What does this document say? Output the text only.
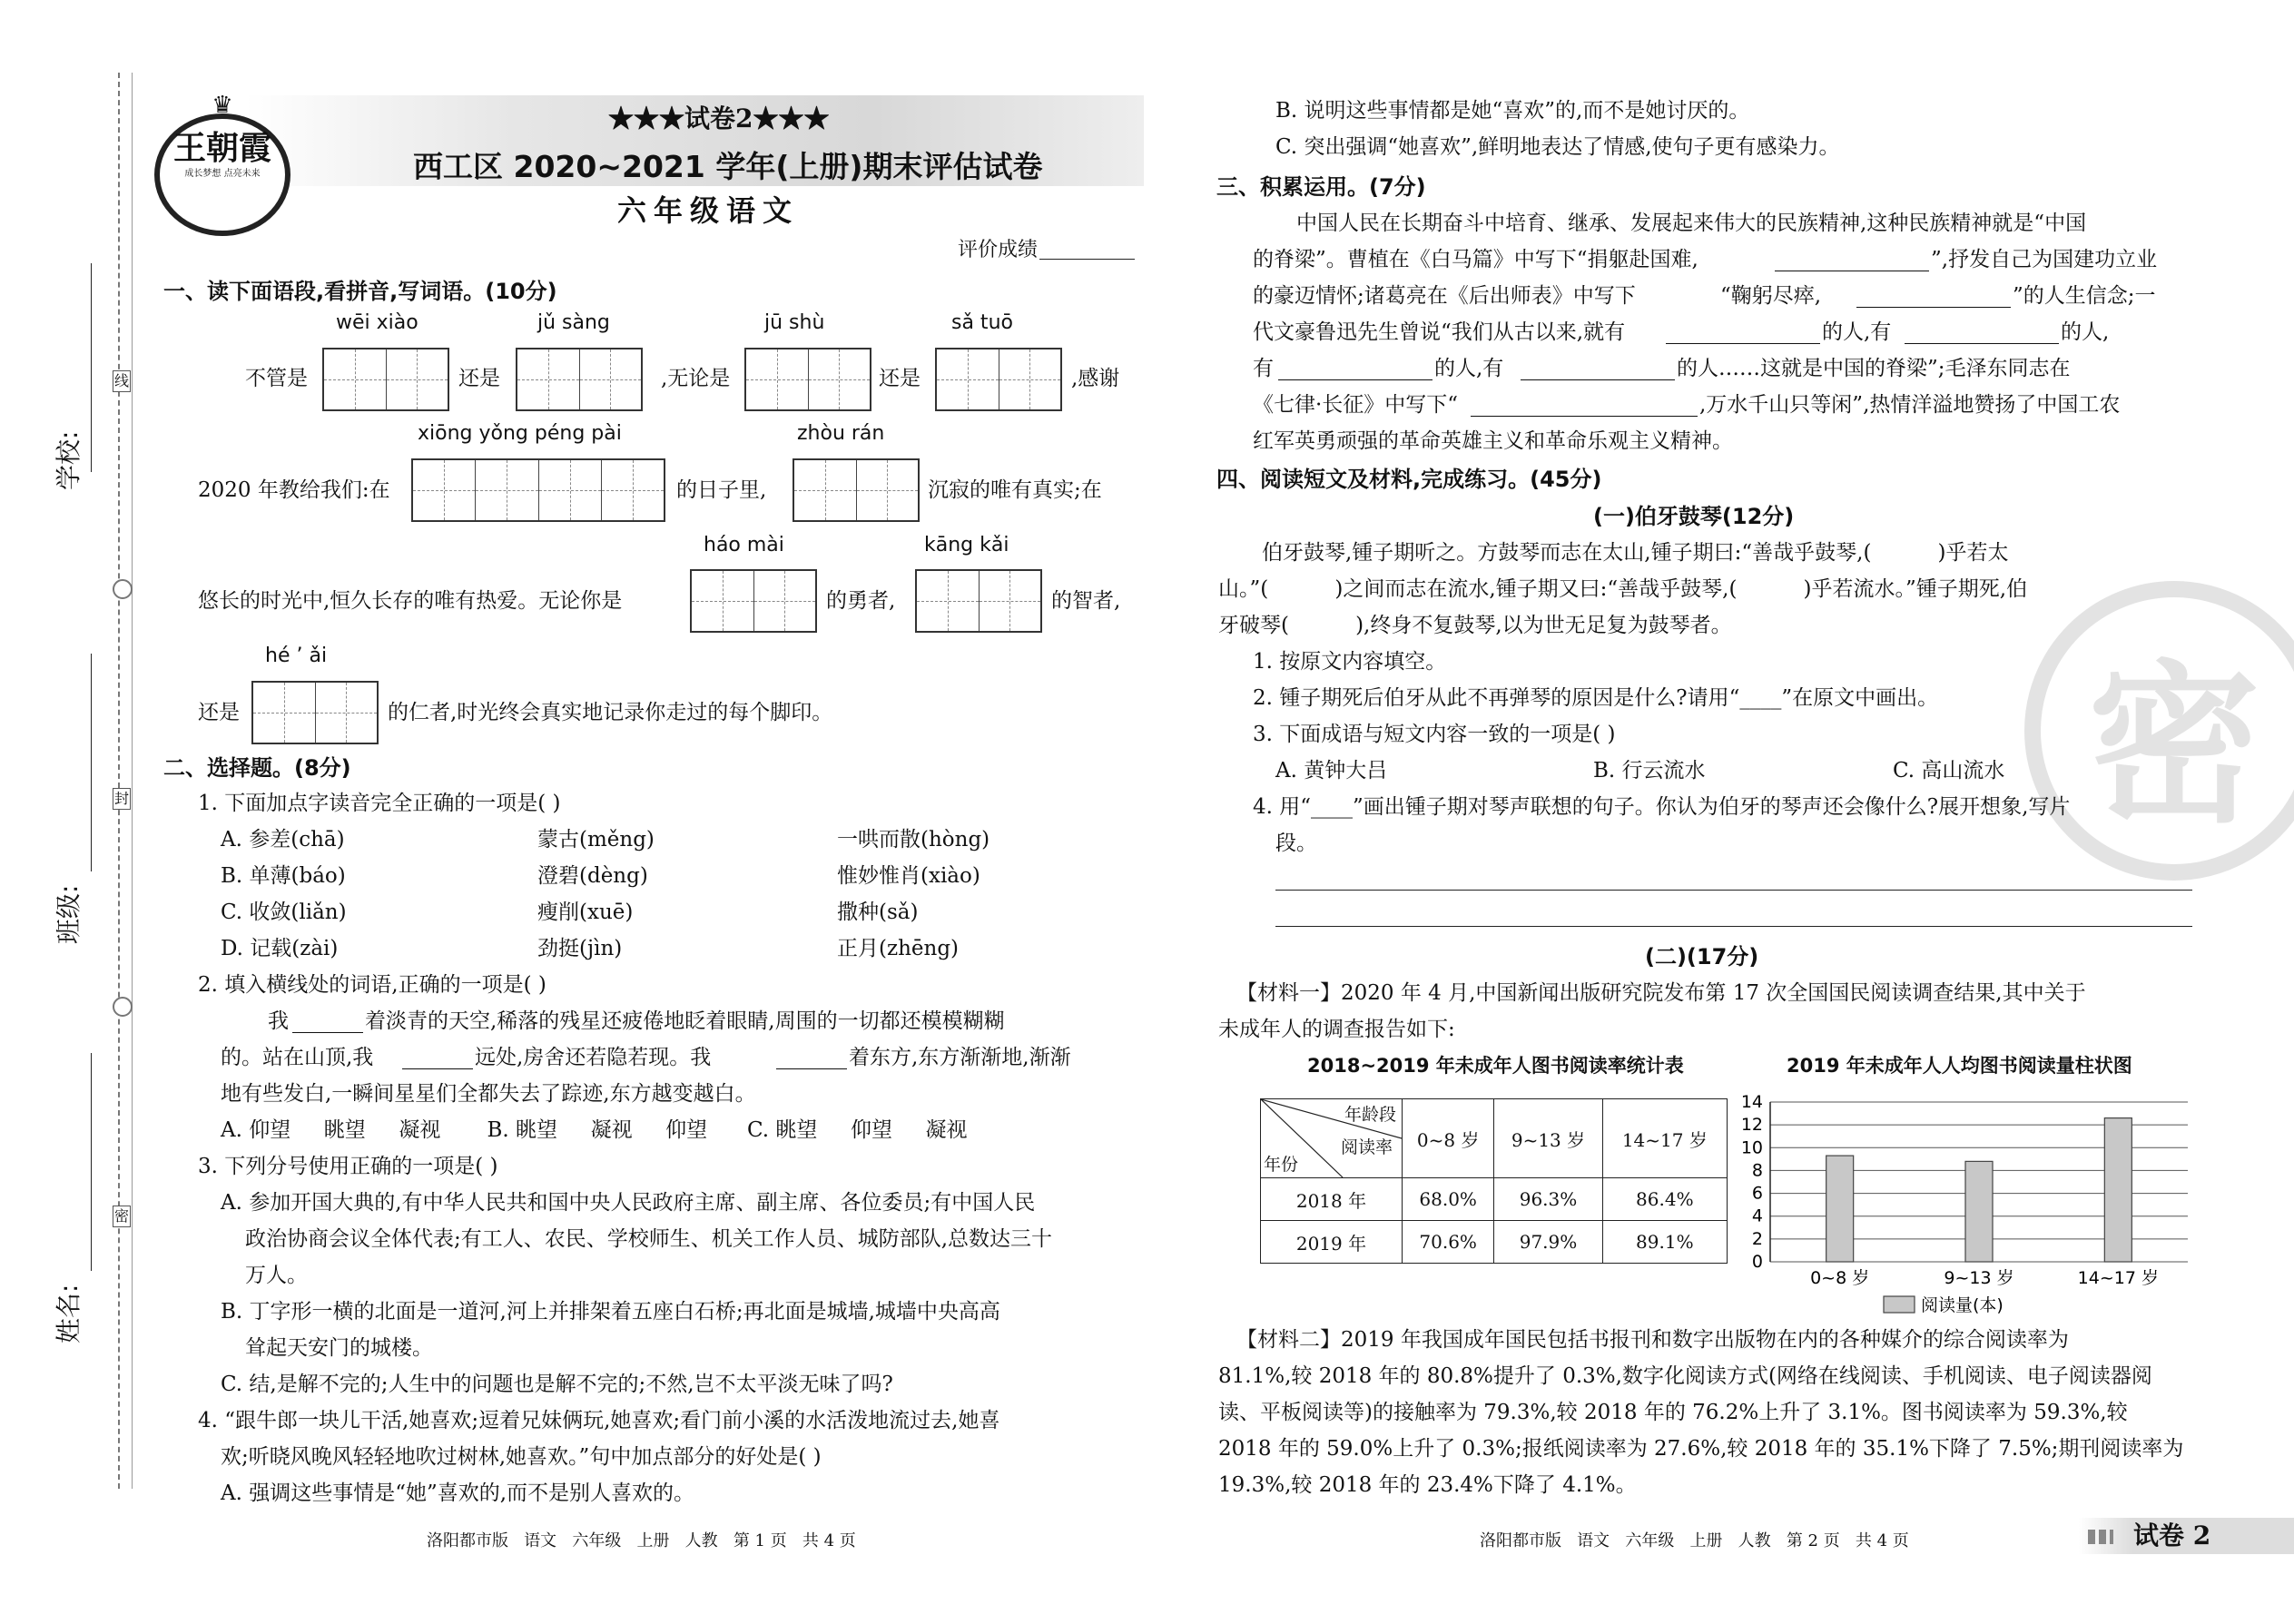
学校:
班级:
姓名:
线
封
密
♛
王朝霞
成长梦想 点亮未来
★★★试卷2★★★
西工区 2020~2021 学年(上册)期末评估试卷
六年级语文
评价成绩
一、读下面语段,看拼音,写词语。(10分)
wēi xiào	jǔ sàng	jū shù	sǎ tuō
不管是	还是	,无论是	还是	,感谢
xiōng yǒng péng pài	zhòu rán
2020 年教给我们:在	的日子里,	沉寂的唯有真实;在
háo mài	kāng kǎi
悠长的时光中,恒久长存的唯有热爱。无论你是	的勇者,	的智者,
hé ’ ǎi
还是	的仁者,时光终会真实地记录你走过的每个脚印。
二、选择题。(8分)
1. 下面加点字读音完全正确的一项是( )
A. 参差(chā)	蒙古(měng)	一哄而散(hòng)
B. 单薄(báo)	澄碧(dèng)	惟妙惟肖(xiào)
C. 收敛(liǎn)	瘦削(xuē)	撒种(sǎ)
D. 记载(zài)	劲挺(jìn)	正月(zhēng)
2. 填入横线处的词语,正确的一项是( )
我	着淡青的天空,稀落的残星还疲倦地眨着眼睛,周围的一切都还模模糊糊
的。站在山顶,我	远处,房舍还若隐若现。我	着东方,东方渐渐地,渐渐
地有些发白,一瞬间星星们全都失去了踪迹,东方越变越白。
A. 仰望     眺望     凝视       B. 眺望     凝视     仰望      C. 眺望     仰望     凝视
3. 下列分号使用正确的一项是( )
A. 参加开国大典的,有中华人民共和国中央人民政府主席、副主席、各位委员;有中国人民
政治协商会议全体代表;有工人、农民、学校师生、机关工作人员、城防部队,总数达三十
万人。
B. 丁字形一横的北面是一道河,河上并排架着五座白石桥;再北面是城墙,城墙中央高高
耸起天安门的城楼。
C. 结,是解不完的;人生中的问题也是解不完的;不然,岂不太平淡无味了吗?
4. “跟牛郎一块儿干活,她喜欢;逗着兄妹俩玩,她喜欢;看门前小溪的水活泼地流过去,她喜
欢;听晓风晚风轻轻地吹过树林,她喜欢。”句中加点部分的好处是( )
A. 强调这些事情是“她”喜欢的,而不是别人喜欢的。
洛阳都市版   语文   六年级   上册   人教   第 1 页   共 4 页
密
B. 说明这些事情都是她“喜欢”的,而不是她讨厌的。
C. 突出强调“她喜欢”,鲜明地表达了情感,使句子更有感染力。
三、积累运用。(7分)
中国人民在长期奋斗中培育、继承、发展起来伟大的民族精神,这种民族精神就是“中国
的脊梁”。曹植在《白马篇》中写下“捐躯赴国难,	”,抒发自己为国建功立业
的豪迈情怀;诸葛亮在《后出师表》中写下	“鞠躬尽瘁,	”的人生信念;一
代文豪鲁迅先生曾说“我们从古以来,就有	的人,有	的人,
有	的人,有	的人……这就是中国的脊梁”;毛泽东同志在
《七律·长征》中写下“	,万水千山只等闲”,热情洋溢地赞扬了中国工农
红军英勇顽强的革命英雄主义和革命乐观主义精神。
四、阅读短文及材料,完成练习。(45分)
(一)伯牙鼓琴(12分)
伯牙鼓琴,锺子期听之。方鼓琴而志在太山,锺子期曰:“善哉乎鼓琴,(          )乎若太
山。”(          )之间而志在流水,锺子期又曰:“善哉乎鼓琴,(          )乎若流水。”锺子期死,伯
牙破琴(          ),终身不复鼓琴,以为世无足复为鼓琴者。
1. 按原文内容填空。
2. 锺子期死后伯牙从此不再弹琴的原因是什么?请用“____”在原文中画出。
3. 下面成语与短文内容一致的一项是( )
A. 黄钟大吕	B. 行云流水	C. 高山流水
4. 用“____”画出锺子期对琴声联想的句子。你认为伯牙的琴声还会像什么?展开想象,写片
段。
(二)(17分)
【材料一】2020 年 4 月,中国新闻出版研究院发布第 17 次全国国民阅读调查结果,其中关于
未成年人的调查报告如下:
2018~2019 年未成年人图书阅读率统计表
年龄段
阅读率
年份	0~8 岁	9~13 岁	14~17 岁
2018 年	68.0%	96.3%	86.4%
2019 年	70.6%	97.9%	89.1%
2019 年未成年人人均图书阅读量柱状图
0
2
4
6
8
10
12
14
0~8 岁	9~13 岁	14~17 岁
阅读量(本)
【材料二】2019 年我国成年国民包括书报刊和数字出版物在内的各种媒介的综合阅读率为
81.1%,较 2018 年的 80.8%提升了 0.3%,数字化阅读方式(网络在线阅读、手机阅读、电子阅读器阅
读、平板阅读等)的接触率为 79.3%,较 2018 年的 76.2%上升了 3.1%。图书阅读率为 59.3%,较
2018 年的 59.0%上升了 0.3%;报纸阅读率为 27.6%,较 2018 年的 35.1%下降了 7.5%;期刊阅读率为
19.3%,较 2018 年的 23.4%下降了 4.1%。
洛阳都市版   语文   六年级   上册   人教   第 2 页   共 4 页	试卷 2
